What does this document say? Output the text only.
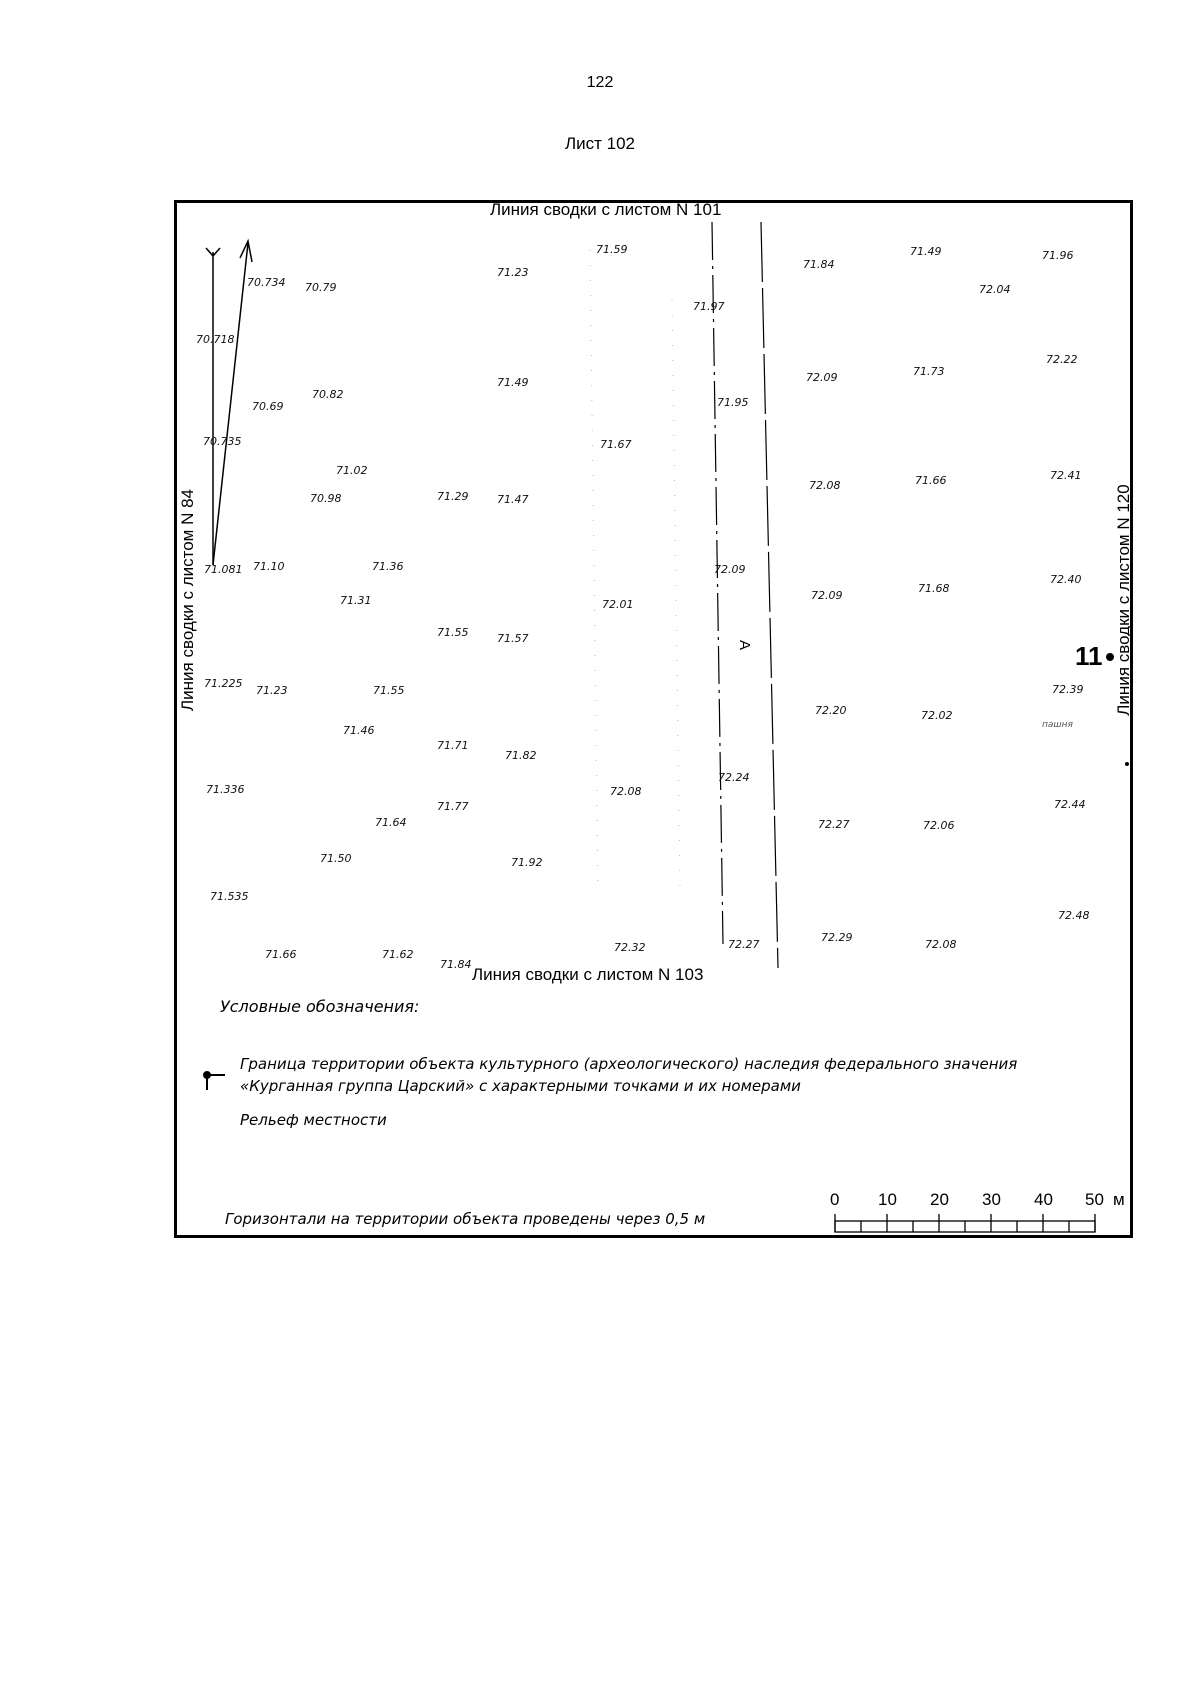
122
Лист 102
A
70.734 70.79
70.718
70.69
70.82
70.735
71.02
70.98
71.081 71.10	71.36
71.31
71.225
71.23	71.55
71.46
71.336
71.64
71.50
71.535
71.66	71.62
71.29
71.55
71.71
71.77
71.84
71.23
71.49
71.47
71.57
71.82
71.92
71.59
71.67
72.01
72.08
72.32
71.97
71.95
72.09
72.24
72.27
71.84
72.09
72.08
72.09
72.20
72.27
72.29
71.49
71.73
71.66
71.68
72.02
72.06
72.08
72.04
71.96
72.22
72.41
72.40
72.39
72.44
72.48
пашня
11
0 10 20 30 40 50 м
Линия сводки с листом N 101
Линия сводки с листом N 103
Линия сводки с листом N 84	Линия сводки с листом N 120
Условные обозначения:
Граница территории объекта культурного (археологического) наследия федерального значения
«Курганная группа Царский» с характерными точками и их номерами
Рельеф местности
Горизонтали на территории объекта проведены через 0,5 м
